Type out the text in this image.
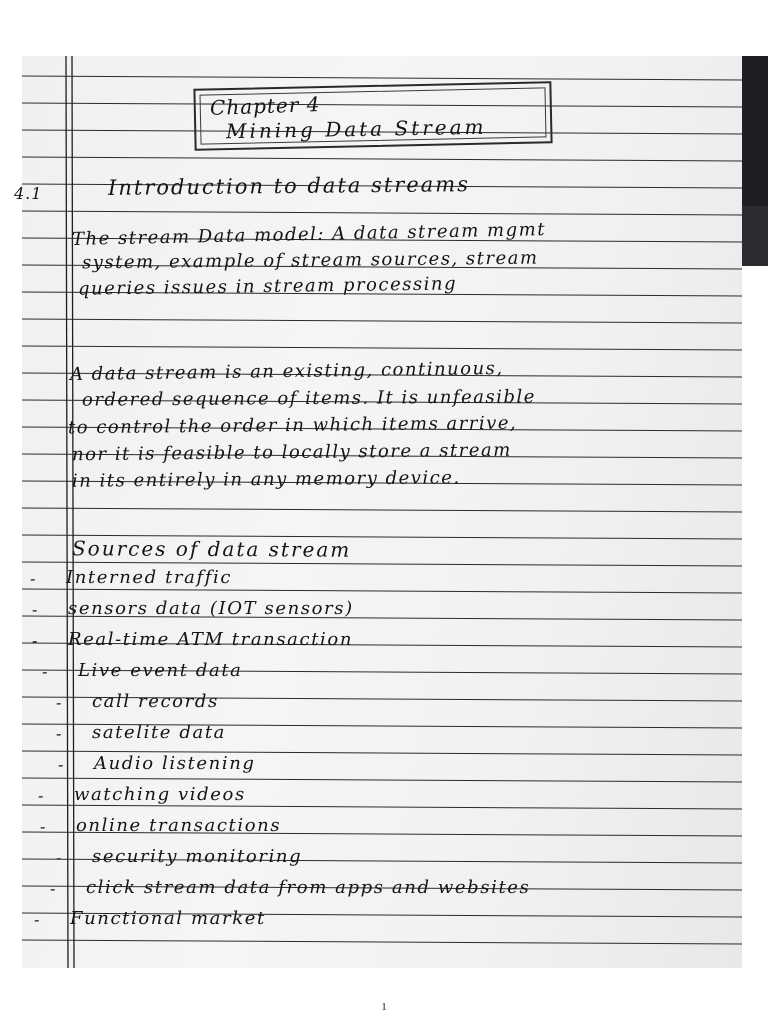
Chapter 4
Mining Data Stream
4.1	Introduction to data streams
The stream Data model: A data stream mgmt
system, example of stream sources, stream
queries issues in stream processing
A data stream is an existing, continuous,
ordered sequence of items. It is unfeasible
to control the order in which items arrive,
nor it is feasible to locally store a stream
in its entirely in any memory device.
Sources of data stream
- Interned traffic
- sensors data (IOT sensors)
- Real-time ATM transaction
- Live event data
- call records
- satelite data
- Audio listening
- watching videos
- online transactions
- security monitoring
- click stream data from apps and websites
- Functional market
1
